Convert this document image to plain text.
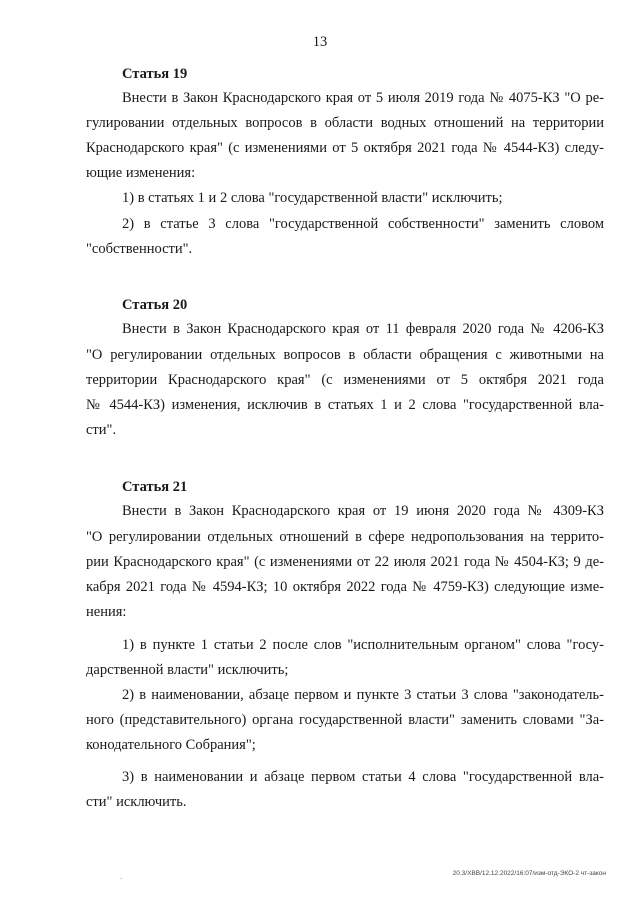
13
Статья 19
Внести в Закон Краснодарского края от 5 июля 2019 года № 4075-КЗ "О ре-
гулировании отдельных вопросов в области водных отношений на территории
Краснодарского края" (с изменениями от 5 октября 2021 года № 4544-КЗ) следу-
ющие изменения:
1) в статьях 1 и 2 слова "государственной власти" исключить;
2) в статье 3 слова "государственной собственности" заменить словом
"собственности".
Статья 20
Внести в Закон Краснодарского края от 11 февраля 2020 года № 4206-КЗ
"О регулировании отдельных вопросов в области обращения с животными на
территории Краснодарского края" (с изменениями от 5 октября 2021 года
№ 4544-КЗ) изменения, исключив в статьях 1 и 2 слова "государственной вла-
сти".
Статья 21
Внести в Закон Краснодарского края от 19 июня 2020 года № 4309-КЗ
"О регулировании отдельных отношений в сфере недропользования на террито-
рии Краснодарского края" (с изменениями от 22 июля 2021 года № 4504-КЗ; 9 де-
кабря 2021 года № 4594-КЗ; 10 октября 2022 года № 4759-КЗ) следующие изме-
нения:
1) в пункте 1 статьи 2 после слов "исполнительным органом" слова "госу-
дарственной власти" исключить;
2) в наименовании, абзаце первом и пункте 3 статьи 3 слова "законодатель-
ного (представительного) органа государственной власти" заменить словами "За-
конодательного Собрания";
3) в наименовании и абзаце первом статьи 4 слова "государственной вла-
сти" исключить.
.	20.3/ХВВ/12.12.2022/16:07/изм-отд-ЭКО-2 чт-закон
